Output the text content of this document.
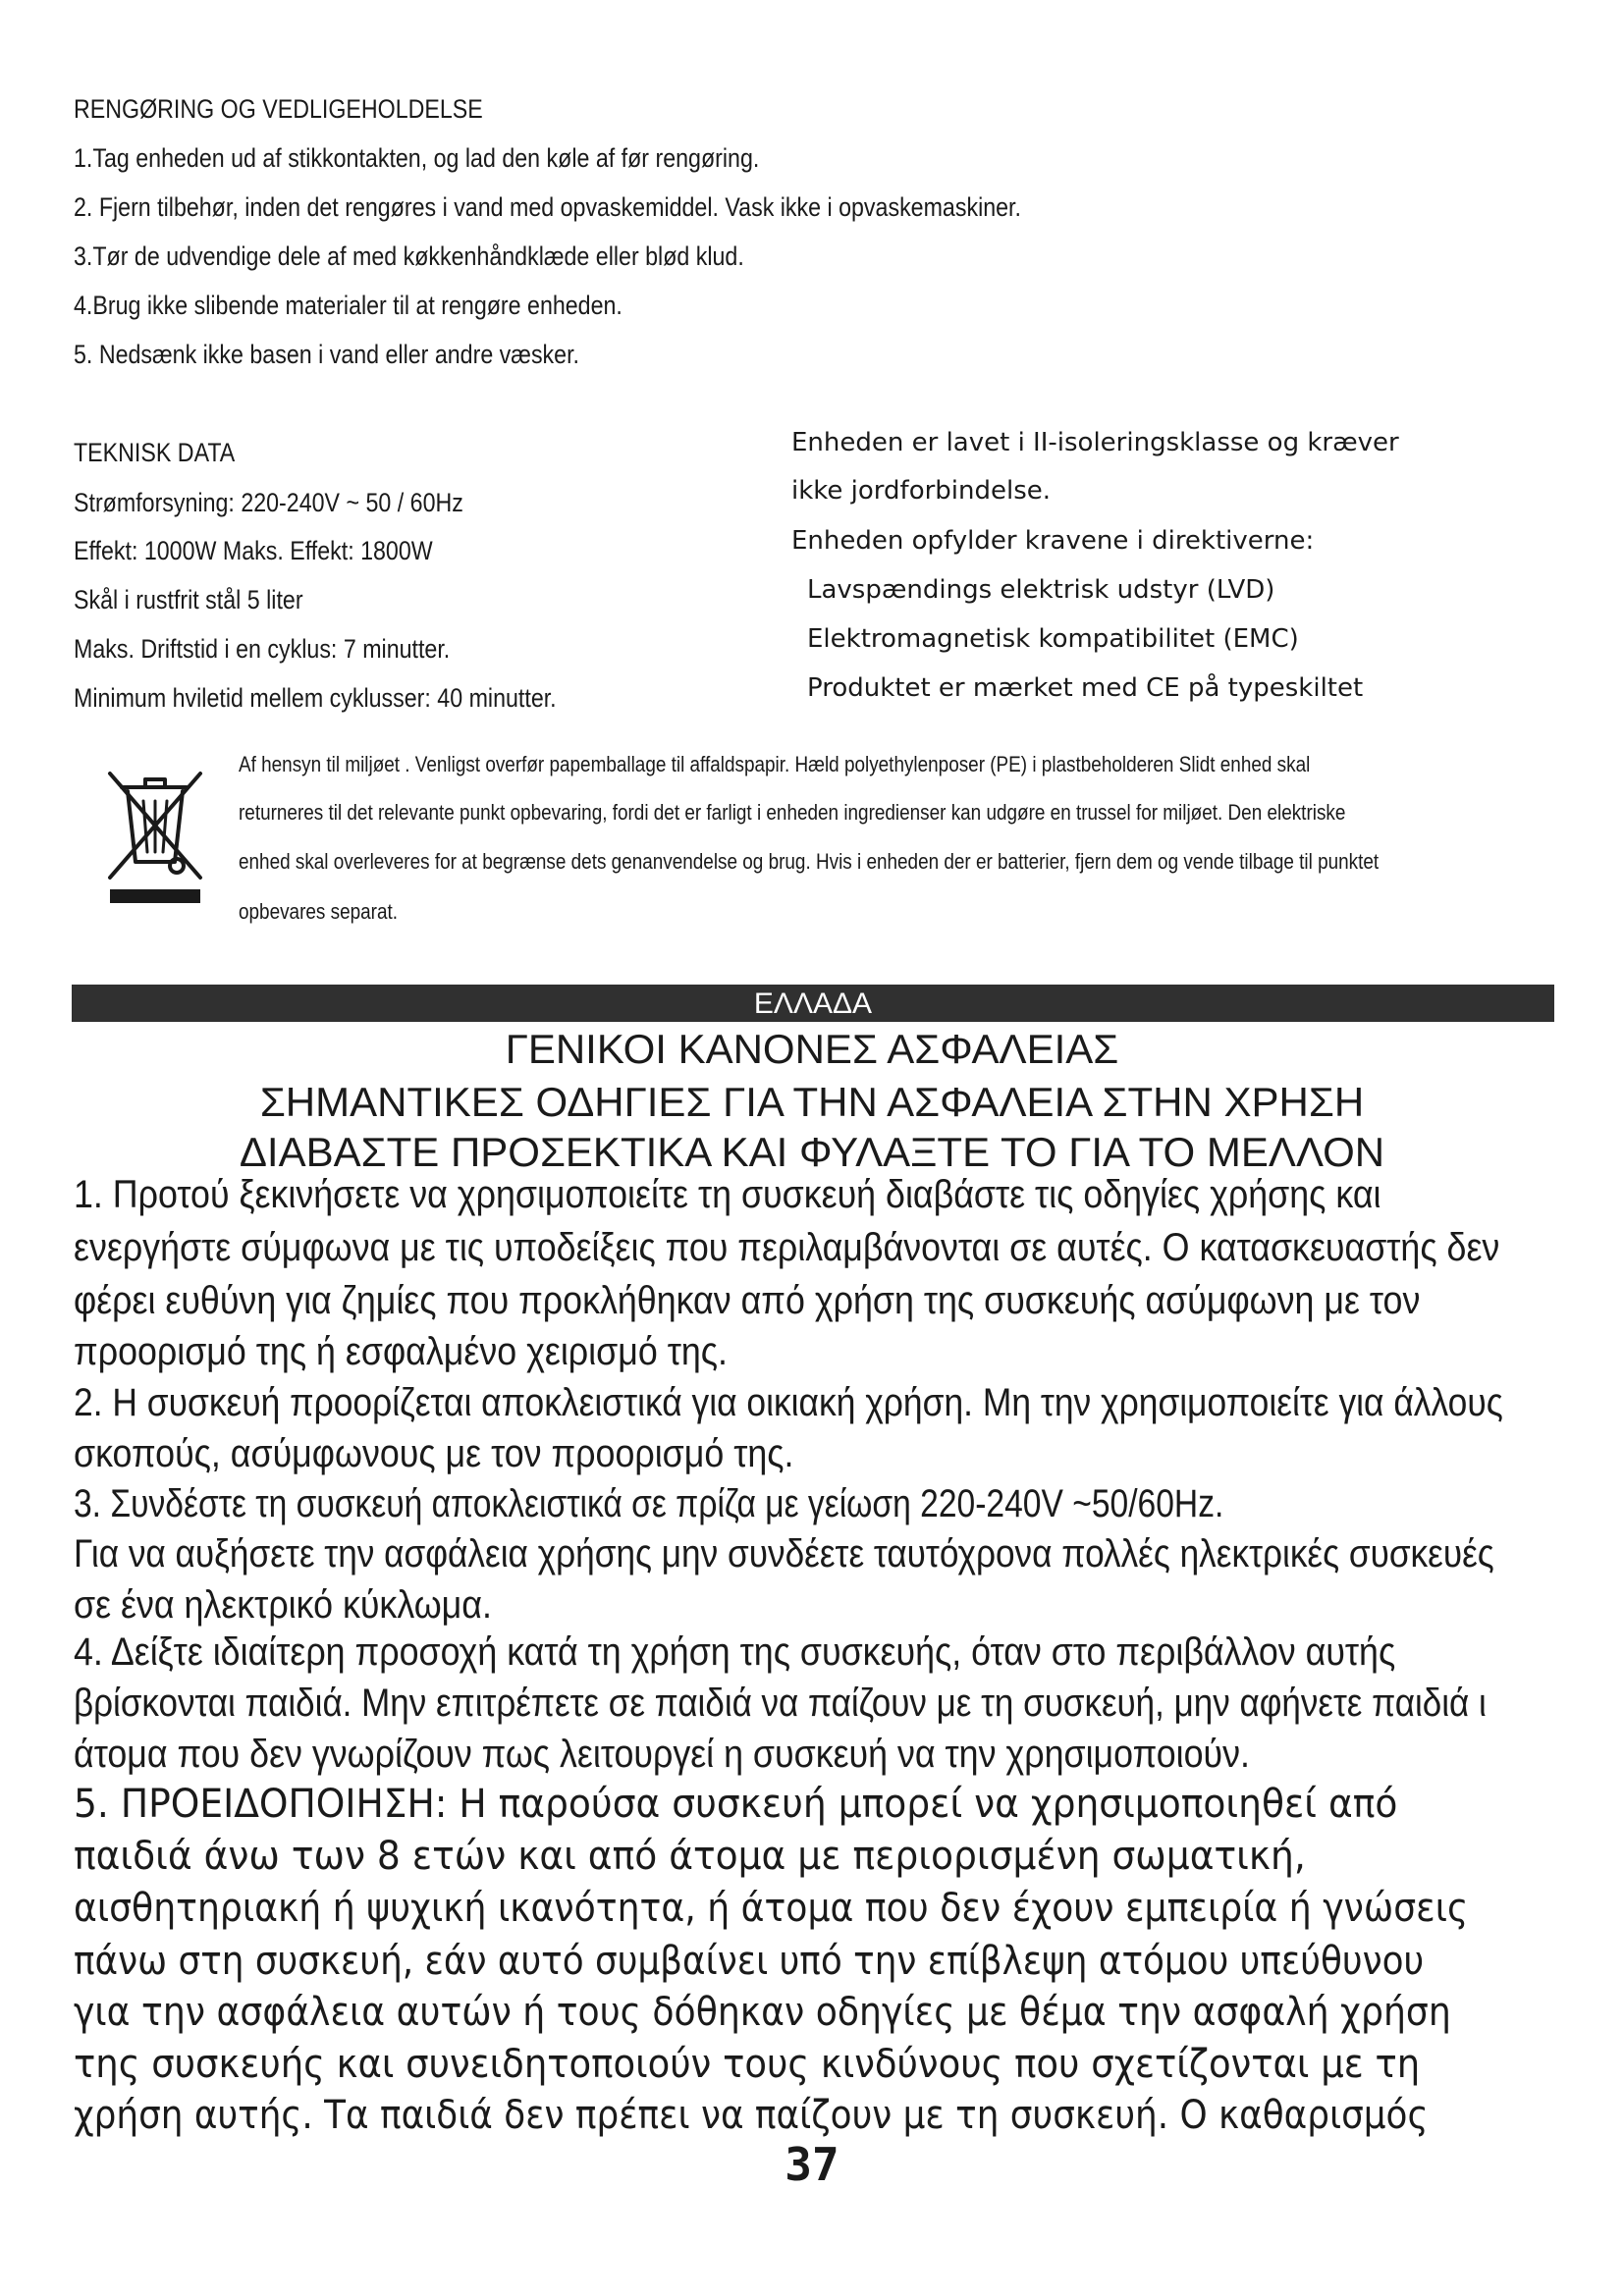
RENGØRING OG VEDLIGEHOLDELSE
1.Tag enheden ud af stikkontakten, og lad den køle af før rengøring.
2. Fjern tilbehør, inden det rengøres i vand med opvaskemiddel. Vask ikke i opvaskemaskiner.
3.Tør de udvendige dele af med køkkenhåndklæde eller blød klud.
4.Brug ikke slibende materialer til at rengøre enheden.
5. Nedsænk ikke basen i vand eller andre væsker.
TEKNISK DATA
Strømforsyning: 220-240V ~ 50 / 60Hz
Effekt: 1000W Maks. Effekt: 1800W
Skål i rustfrit stål 5 liter
Maks. Driftstid i en cyklus: 7 minutter.
Minimum hviletid mellem cyklusser: 40 minutter.
Enheden er lavet i II-isoleringsklasse og kræver
ikke jordforbindelse.
Enheden opfylder kravene i direktiverne:
Lavspændings elektrisk udstyr (LVD)
Elektromagnetisk kompatibilitet (EMC)
Produktet er mærket med CE på typeskiltet
Af hensyn til miljøet . Venligst overfør papemballage til affaldspapir. Hæld polyethylenposer (PE) i plastbeholderen Slidt enhed skal
returneres til det relevante punkt opbevaring, fordi det er farligt i enheden ingredienser kan udgøre en trussel for miljøet. Den elektriske
enhed skal overleveres for at begrænse dets genanvendelse og brug. Hvis i enheden der er batterier, fjern dem og vende tilbage til punktet
opbevares separat.
ΕΛΛΑΔΑ
ΓΕΝΙΚΟΙ ΚΑΝΟΝΕΣ ΑΣΦΑΛΕΙΑΣ
ΣΗΜΑΝΤΙΚΕΣ ΟΔΗΓΙΕΣ ΓΙΑ ΤΗΝ ΑΣΦΑΛΕΙΑ ΣΤΗΝ ΧΡΗΣΗ
ΔΙΑΒΑΣΤΕ ΠΡΟΣΕΚΤΙΚΑ ΚΑΙ ΦΥΛΑΞΤΕ ΤΟ ΓΙΑ ΤΟ ΜΕΛΛΟΝ
1. Προτού ξεκινήσετε να χρησιμοποιείτε τη συσκευή διαβάστε τις οδηγίες χρήσης και
ενεργήστε σύμφωνα με τις υποδείξεις που περιλαμβάνονται σε αυτές. Ο κατασκευαστής δεν
φέρει ευθύνη για ζημίες που προκλήθηκαν από χρήση της συσκευής ασύμφωνη με τον
προορισμό της ή εσφαλμένο χειρισμό της.
2. Η συσκευή προορίζεται αποκλειστικά για οικιακή χρήση. Μη την χρησιμοποιείτε για άλλους
σκοπούς, ασύμφωνους με τον προορισμό της.
3. Συνδέστε τη συσκευή αποκλειστικά σε πρίζα με γείωση 220-240V ~50/60Hz.
Για να αυξήσετε την ασφάλεια χρήσης μην συνδέετε ταυτόχρονα πολλές ηλεκτρικές συσκευές
σε ένα ηλεκτρικό κύκλωμα.
4. Δείξτε ιδιαίτερη προσοχή κατά τη χρήση της συσκευής, όταν στο περιβάλλον αυτής
βρίσκονται παιδιά. Μην επιτρέπετε σε παιδιά να παίζουν με τη συσκευή, μην αφήνετε παιδιά ι
άτομα που δεν γνωρίζουν πως λειτουργεί η συσκευή να την χρησιμοποιούν.
5. ΠΡΟΕΙΔΟΠΟΙΗΣΗ: Η παρούσα συσκευή μπορεί να χρησιμοποιηθεί από
παιδιά άνω των 8 ετών και από άτομα με περιορισμένη σωματική,
αισθητηριακή ή ψυχική ικανότητα, ή άτομα που δεν έχουν εμπειρία ή γνώσεις
πάνω στη συσκευή, εάν αυτό συμβαίνει υπό την επίβλεψη ατόμου υπεύθυνου
για την ασφάλεια αυτών ή τους δόθηκαν οδηγίες με θέμα την ασφαλή χρήση
της συσκευής και συνειδητοποιούν τους κινδύνους που σχετίζονται με τη
χρήση αυτής. Τα παιδιά δεν πρέπει να παίζουν με τη συσκευή. Ο καθαρισμός
37
